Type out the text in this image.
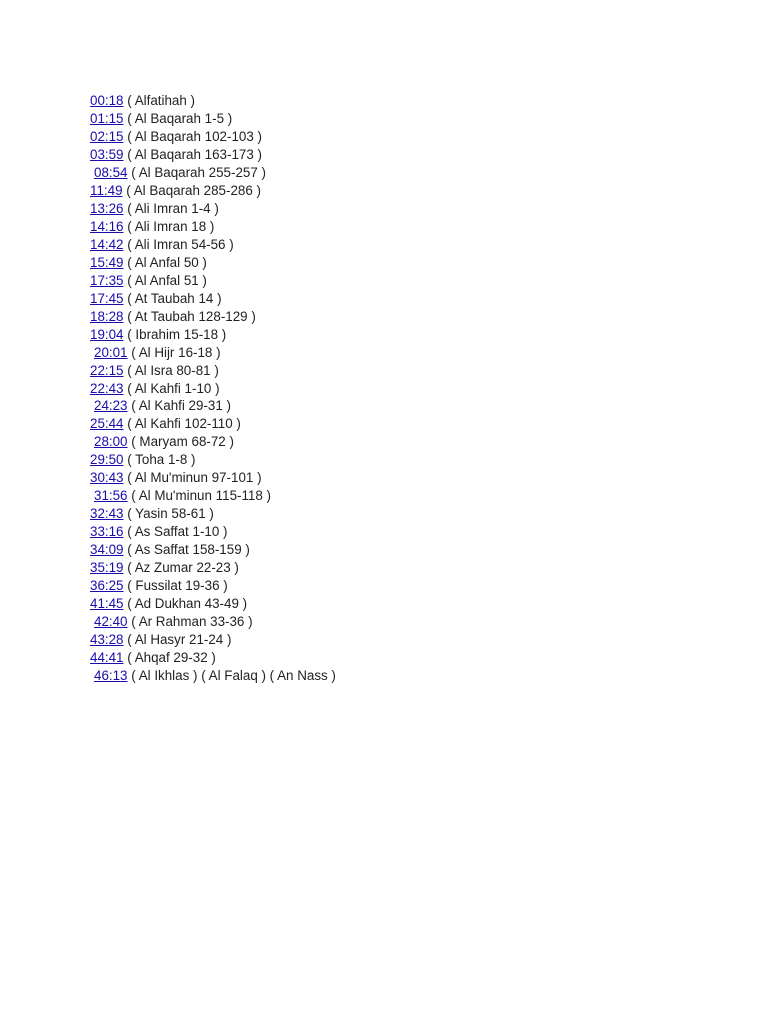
00:18 ( Alfatihah )
01:15 ( Al Baqarah 1-5 )
02:15 ( Al Baqarah 102-103 )
03:59 ( Al Baqarah 163-173 )
08:54 ( Al Baqarah 255-257 )
11:49 ( Al Baqarah 285-286 )
13:26 ( Ali Imran 1-4 )
14:16 ( Ali Imran 18 )
14:42 ( Ali Imran 54-56 )
15:49 ( Al Anfal 50 )
17:35 ( Al Anfal 51 )
17:45 ( At Taubah 14 )
18:28 ( At Taubah 128-129 )
19:04 ( Ibrahim 15-18 )
20:01 ( Al Hijr 16-18 )
22:15 ( Al Isra 80-81 )
22:43 ( Al Kahfi 1-10 )
24:23 ( Al Kahfi 29-31 )
25:44 ( Al Kahfi 102-110 )
28:00 ( Maryam 68-72 )
29:50 ( Toha 1-8 )
30:43 ( Al Mu'minun 97-101 )
31:56 ( Al Mu'minun 115-118 )
32:43 ( Yasin 58-61 )
33:16 ( As Saffat 1-10 )
34:09 ( As Saffat 158-159 )
35:19 ( Az Zumar 22-23 )
36:25 ( Fussilat 19-36 )
41:45 ( Ad Dukhan 43-49 )
42:40 ( Ar Rahman 33-36 )
43:28 ( Al Hasyr 21-24 )
44:41 ( Ahqaf 29-32 )
46:13 ( Al Ikhlas ) ( Al Falaq ) ( An Nass )
